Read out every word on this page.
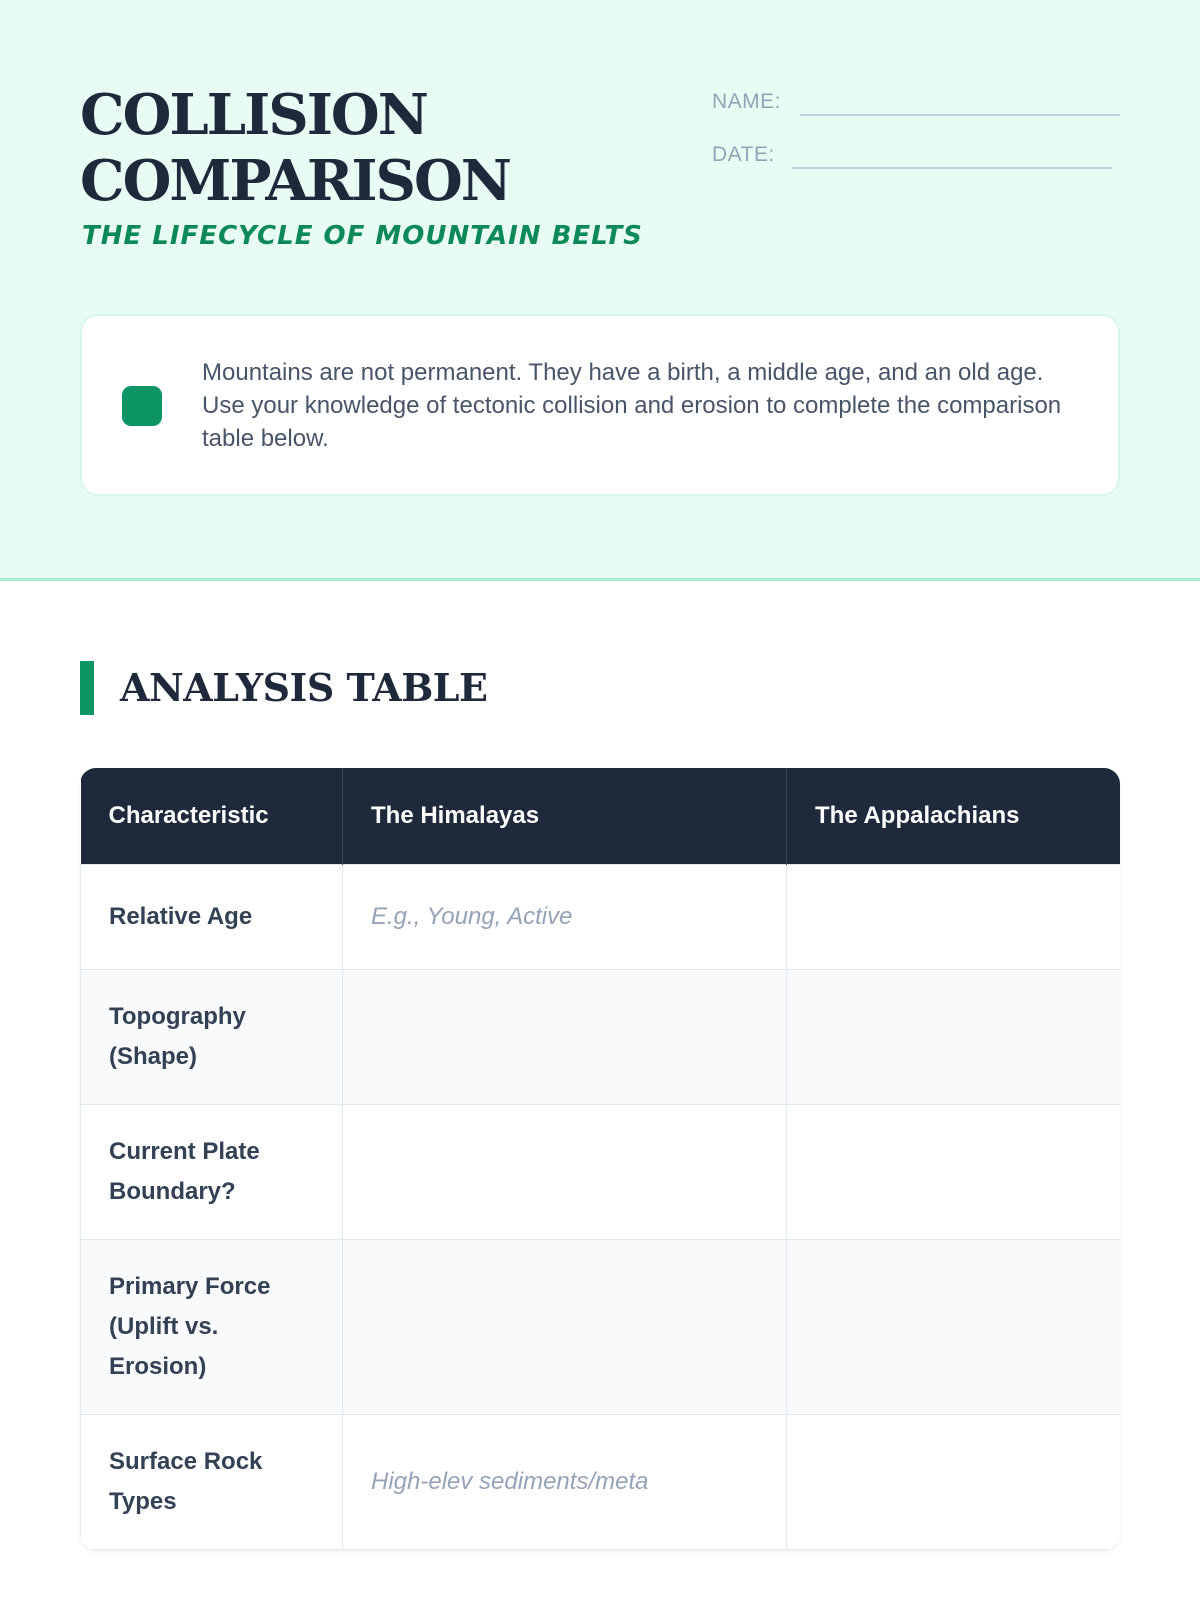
COLLISION
COMPARISON

THE LIFECYCLE OF MOUNTAIN BELTS

NAME:
DATE:

Mountains are not permanent. They have a birth, a middle age, and an old age. Use your knowledge of tectonic collision and erosion to complete the comparison table below.

ANALYSIS TABLE
Characteristic	The Himalayas	The Appalachians
Relative Age	E.g., Young, Active	
Topography (Shape)		
Current Plate Boundary?		
Primary Force (Uplift vs. Erosion)		
Surface Rock Types	High-elev sediments/meta	
